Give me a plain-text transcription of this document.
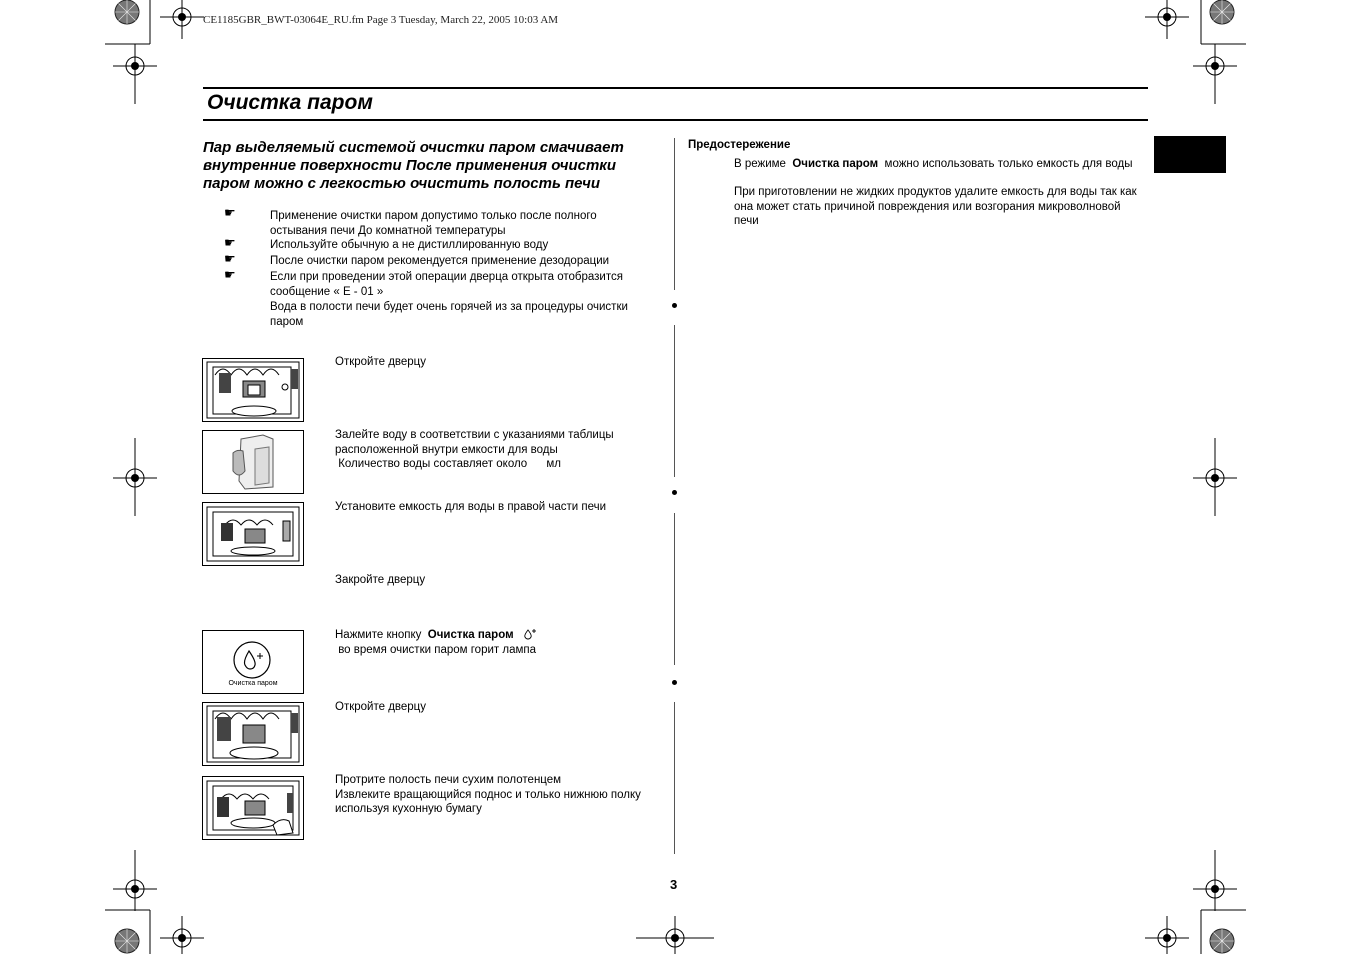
CE1185GBR_BWT-03064E_RU.fm Page 3 Tuesday, March 22, 2005 10:03 AM
Очистка паром
Пар выделяемый системой очистки паром смачивает внутренние поверхности После применения очистки паром можно с легкостью очистить полость печи
☛	Применение очистки паром допустимо только после полного остывания печи До комнатной температуры
☛	Используйте обычную а не дистиллированную воду
☛	После очистки паром рекомендуется применение дезодорации
☛	Если при проведении этой операции дверца открыта отобразится сообщение « E - 01 »
Вода в полости печи будет очень горячей из за процедуры очистки паром
Очистка паром
Откройте дверцу
Залейте воду в соответствии с указаниями таблицы расположенной внутри емкости для воды
Количество воды составляет около      мл
Установите емкость для воды в правой части печи
Закройте дверцу
Нажмите кнопку  Очистка паром
во время очистки паром горит лампа
Откройте дверцу
Протрите полость печи сухим полотенцем
Извлеките вращающийся поднос и только нижнюю полку используя кухонную бумагу
Предостережение
В режиме  Очистка паром  можно использовать только емкость для воды
При приготовлении не жидких продуктов удалите емкость для воды так как она может стать причиной повреждения или возгорания микроволновой печи
3
